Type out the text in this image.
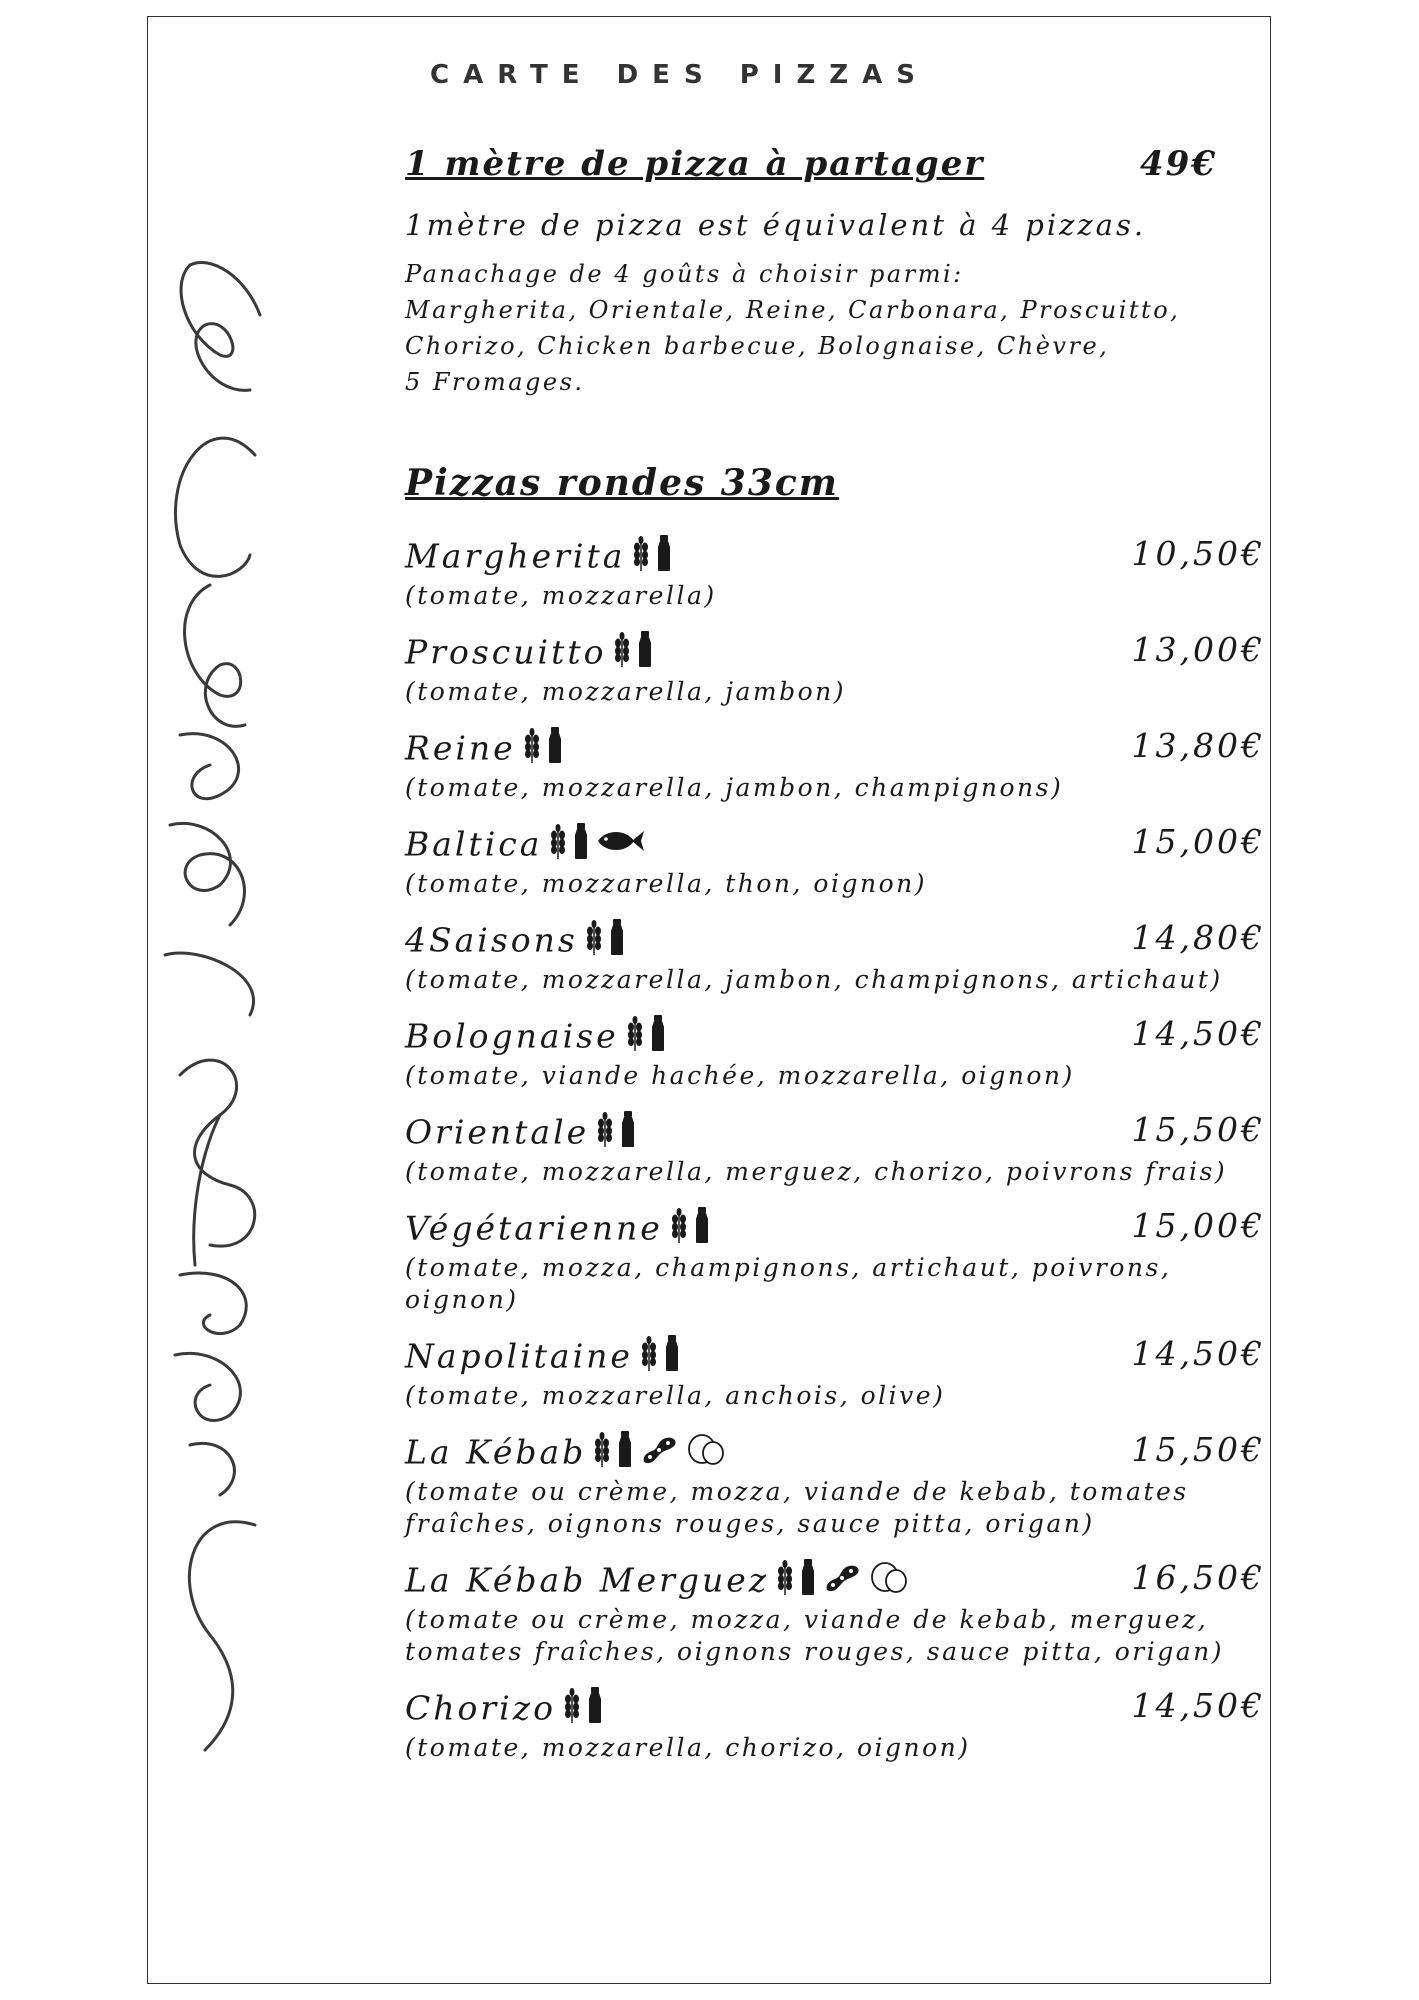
CARTE DES PIZZAS
1 mètre de pizza à partager	49€
1mètre de pizza est équivalent à 4 pizzas.
Panachage de 4 goûts à choisir parmi:
Margherita, Orientale, Reine, Carbonara, Proscuitto,
Chorizo, Chicken barbecue, Bolognaise, Chèvre,
5 Fromages.
Pizzas rondes 33cm
Margherita	10,50€
(tomate, mozzarella)
Proscuitto	13,00€
(tomate, mozzarella, jambon)
Reine	13,80€
(tomate, mozzarella, jambon, champignons)
Baltica	15,00€
(tomate, mozzarella, thon, oignon)
4Saisons	14,80€
(tomate, mozzarella, jambon, champignons, artichaut)
Bolognaise	14,50€
(tomate, viande hachée, mozzarella, oignon)
Orientale	15,50€
(tomate, mozzarella, merguez, chorizo, poivrons frais)
Végétarienne	15,00€
(tomate, mozza, champignons, artichaut, poivrons,
oignon)
Napolitaine	14,50€
(tomate, mozzarella, anchois, olive)
La Kébab	15,50€
(tomate ou crème, mozza, viande de kebab, tomates
fraîches, oignons rouges, sauce pitta, origan)
La Kébab Merguez	16,50€
(tomate ou crème, mozza, viande de kebab, merguez,
tomates fraîches, oignons rouges, sauce pitta, origan)
Chorizo	14,50€
(tomate, mozzarella, chorizo, oignon)
